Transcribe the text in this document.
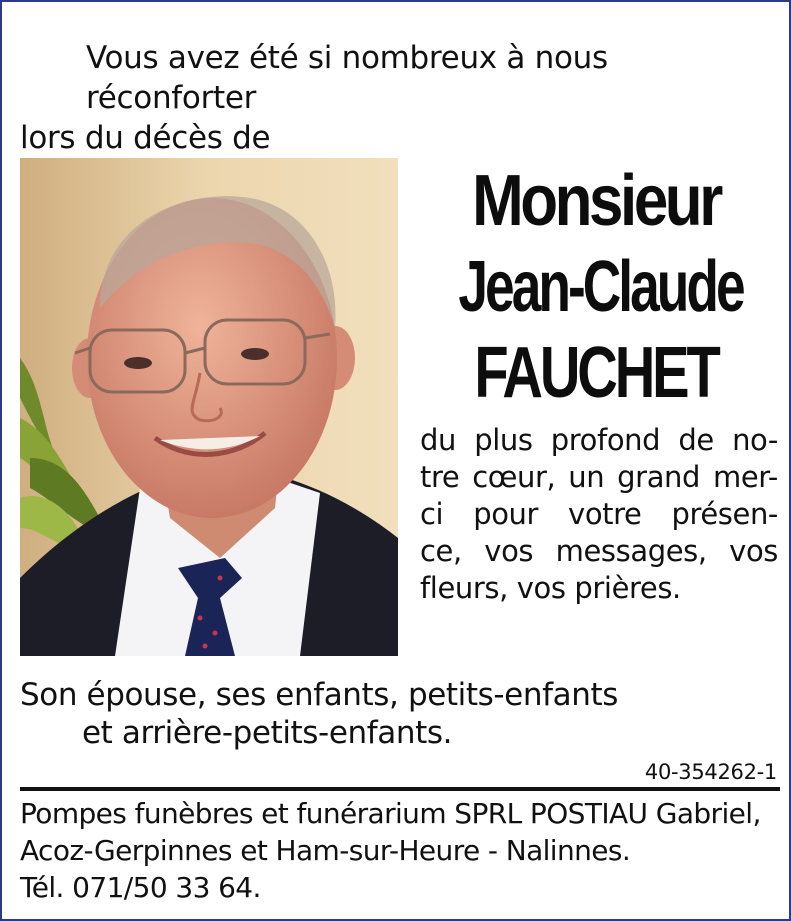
Vous avez été si nombreux à nous réconforter
lors du décès de
Monsieur
Jean-Claude
FAUCHET
du plus profond de no-
tre cœur, un grand mer-
ci pour votre présen-
ce, vos messages, vos
fleurs, vos prières.
Son épouse, ses enfants, petits-enfants
et arrière-petits-enfants.
40-354262-1
Pompes funèbres et funérarium SPRL POSTIAU Gabriel,
Acoz-Gerpinnes et Ham-sur-Heure - Nalinnes.
Tél. 071/50 33 64.
